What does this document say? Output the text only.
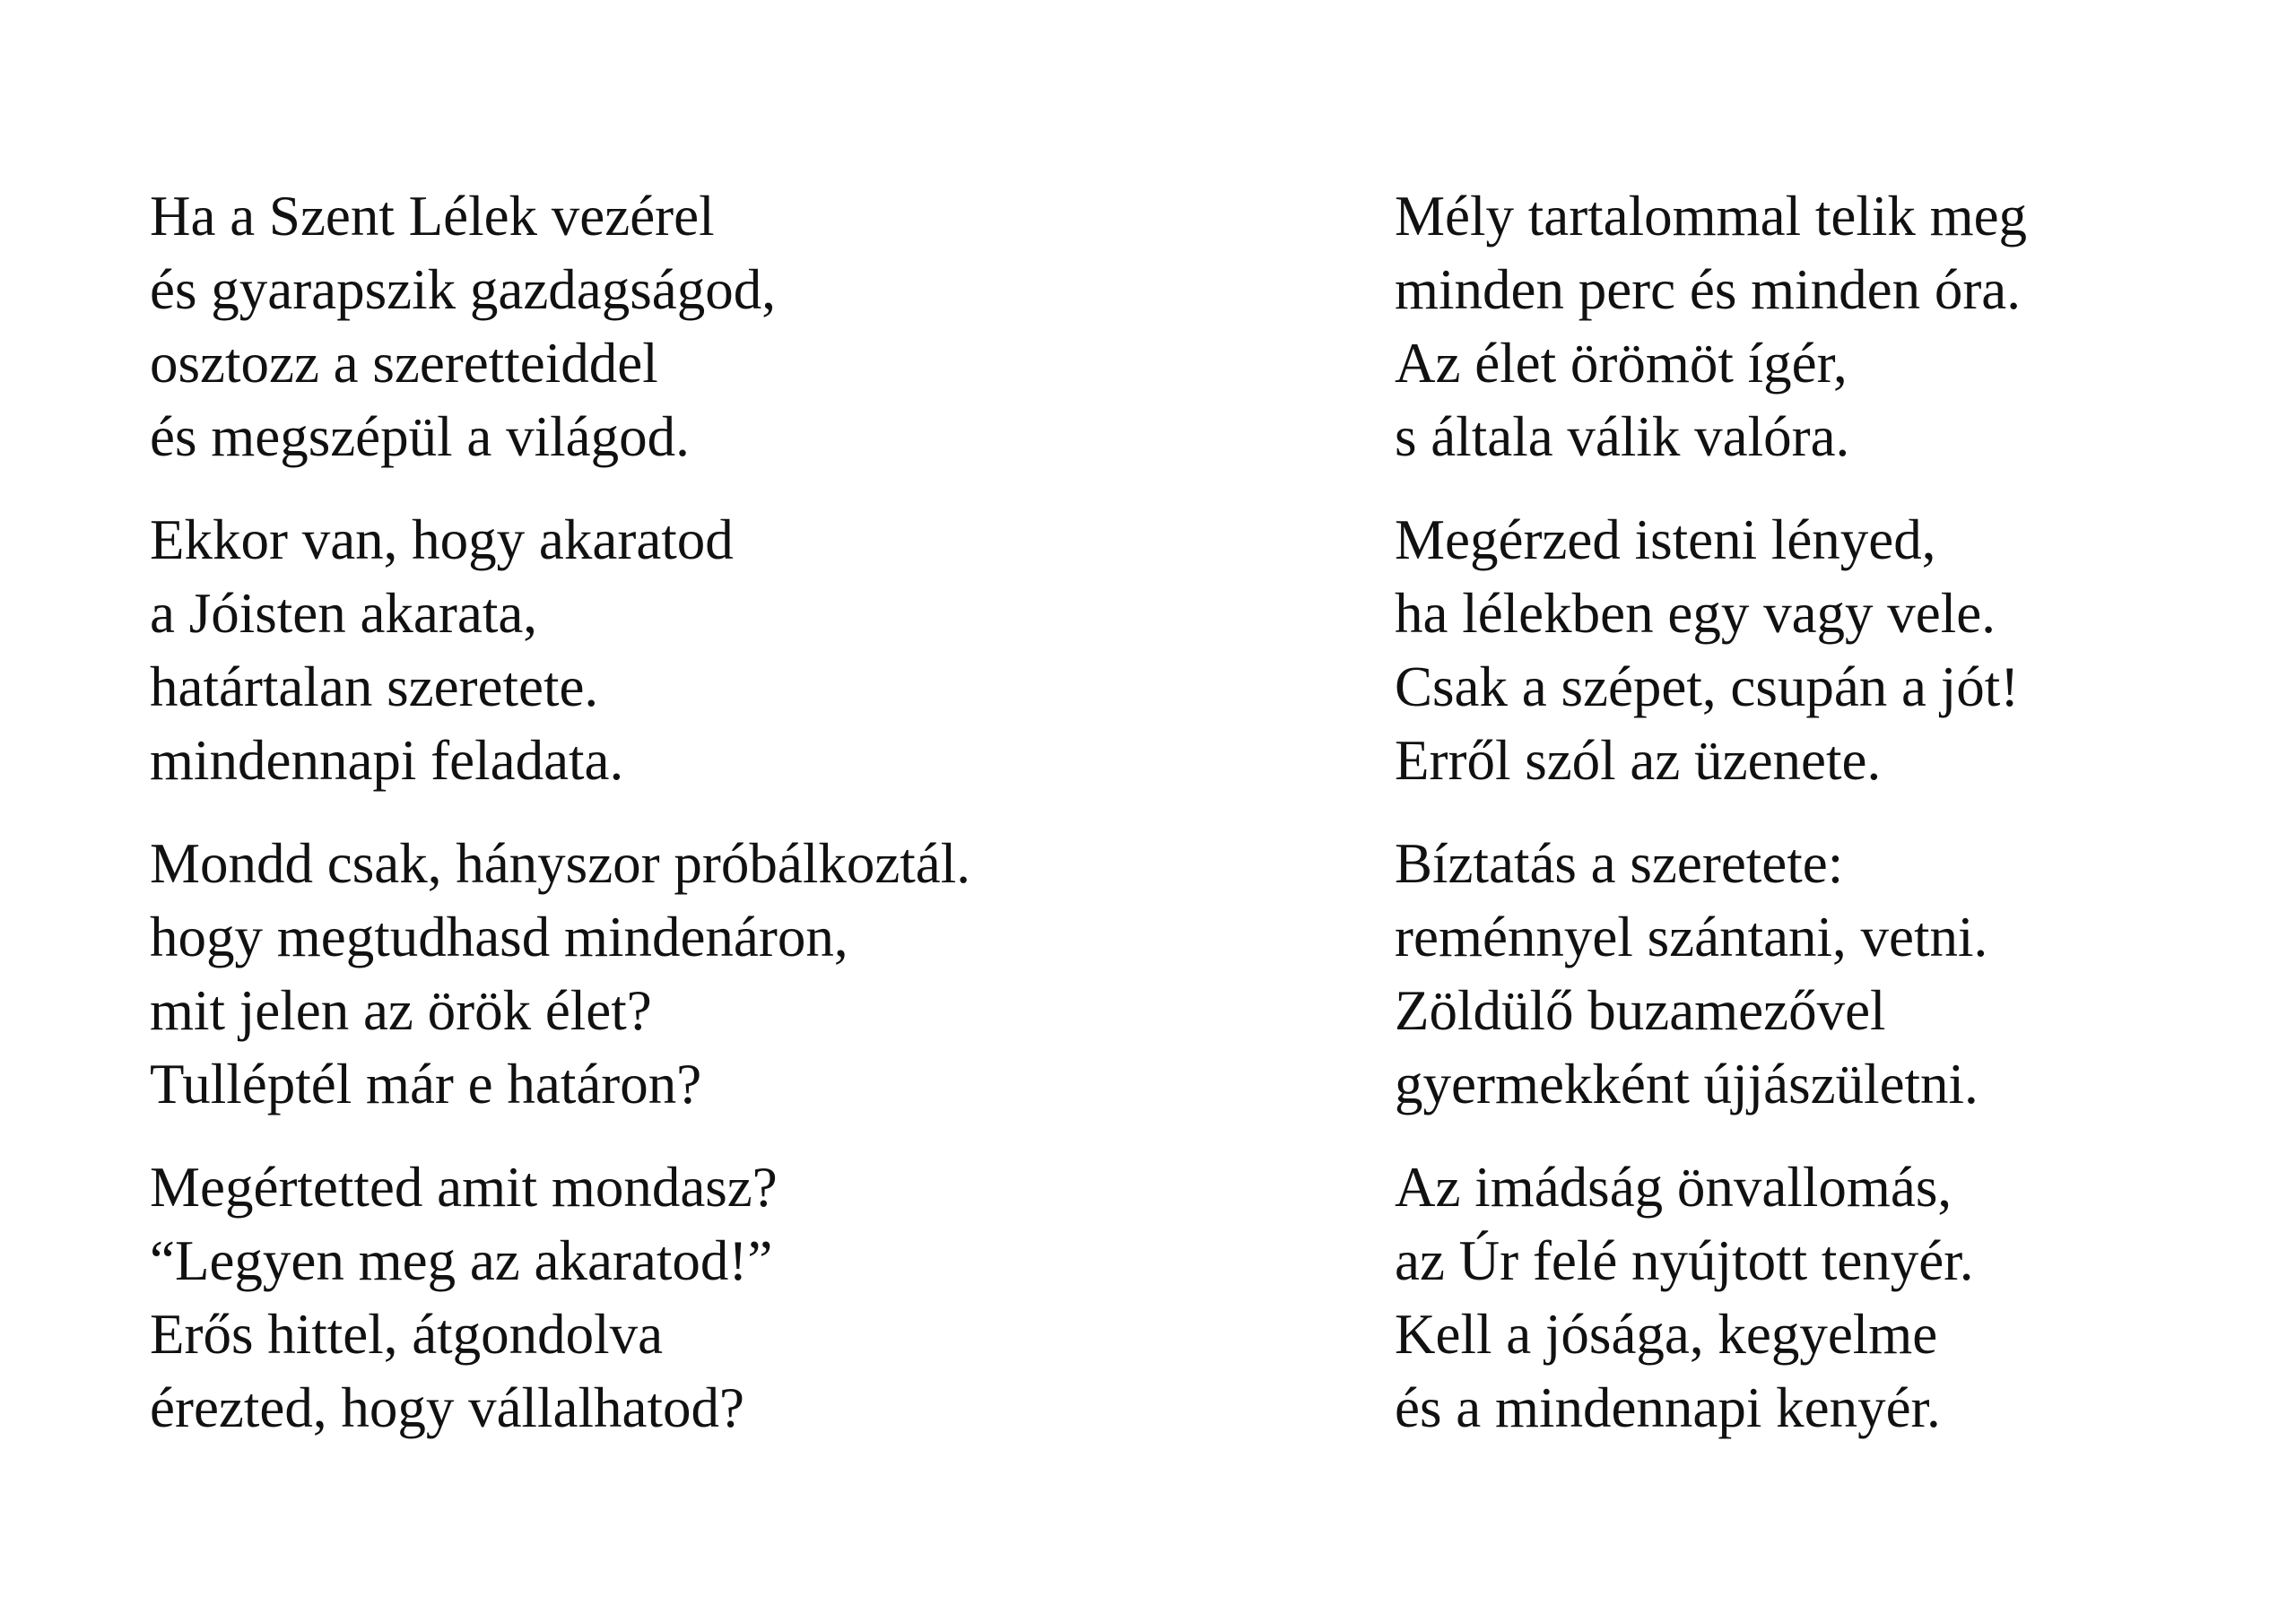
Ha a Szent Lélek vezérel
és gyarapszik gazdagságod,
osztozz a szeretteiddel
és megszépül a világod.
Ekkor van, hogy akaratod
a Jóisten akarata,
határtalan szeretete.
mindennapi feladata.
Mondd csak, hányszor próbálkoztál.
hogy megtudhasd mindenáron,
mit jelen az örök élet?
Tulléptél már e határon?
Megértetted amit mondasz?
“Legyen meg az akaratod!”
Erős hittel, átgondolva
érezted, hogy vállalhatod?
Mély tartalommal telik meg
minden perc és minden óra.
Az élet örömöt ígér,
s általa válik valóra.
Megérzed isteni lényed,
ha lélekben egy vagy vele.
Csak a szépet, csupán a jót!
Erről szól az üzenete.
Bíztatás a szeretete:
reménnyel szántani, vetni.
Zöldülő buzamezővel
gyermekként újjászületni.
Az imádság önvallomás,
az Úr felé nyújtott tenyér.
Kell a jósága, kegyelme
és a mindennapi kenyér.
